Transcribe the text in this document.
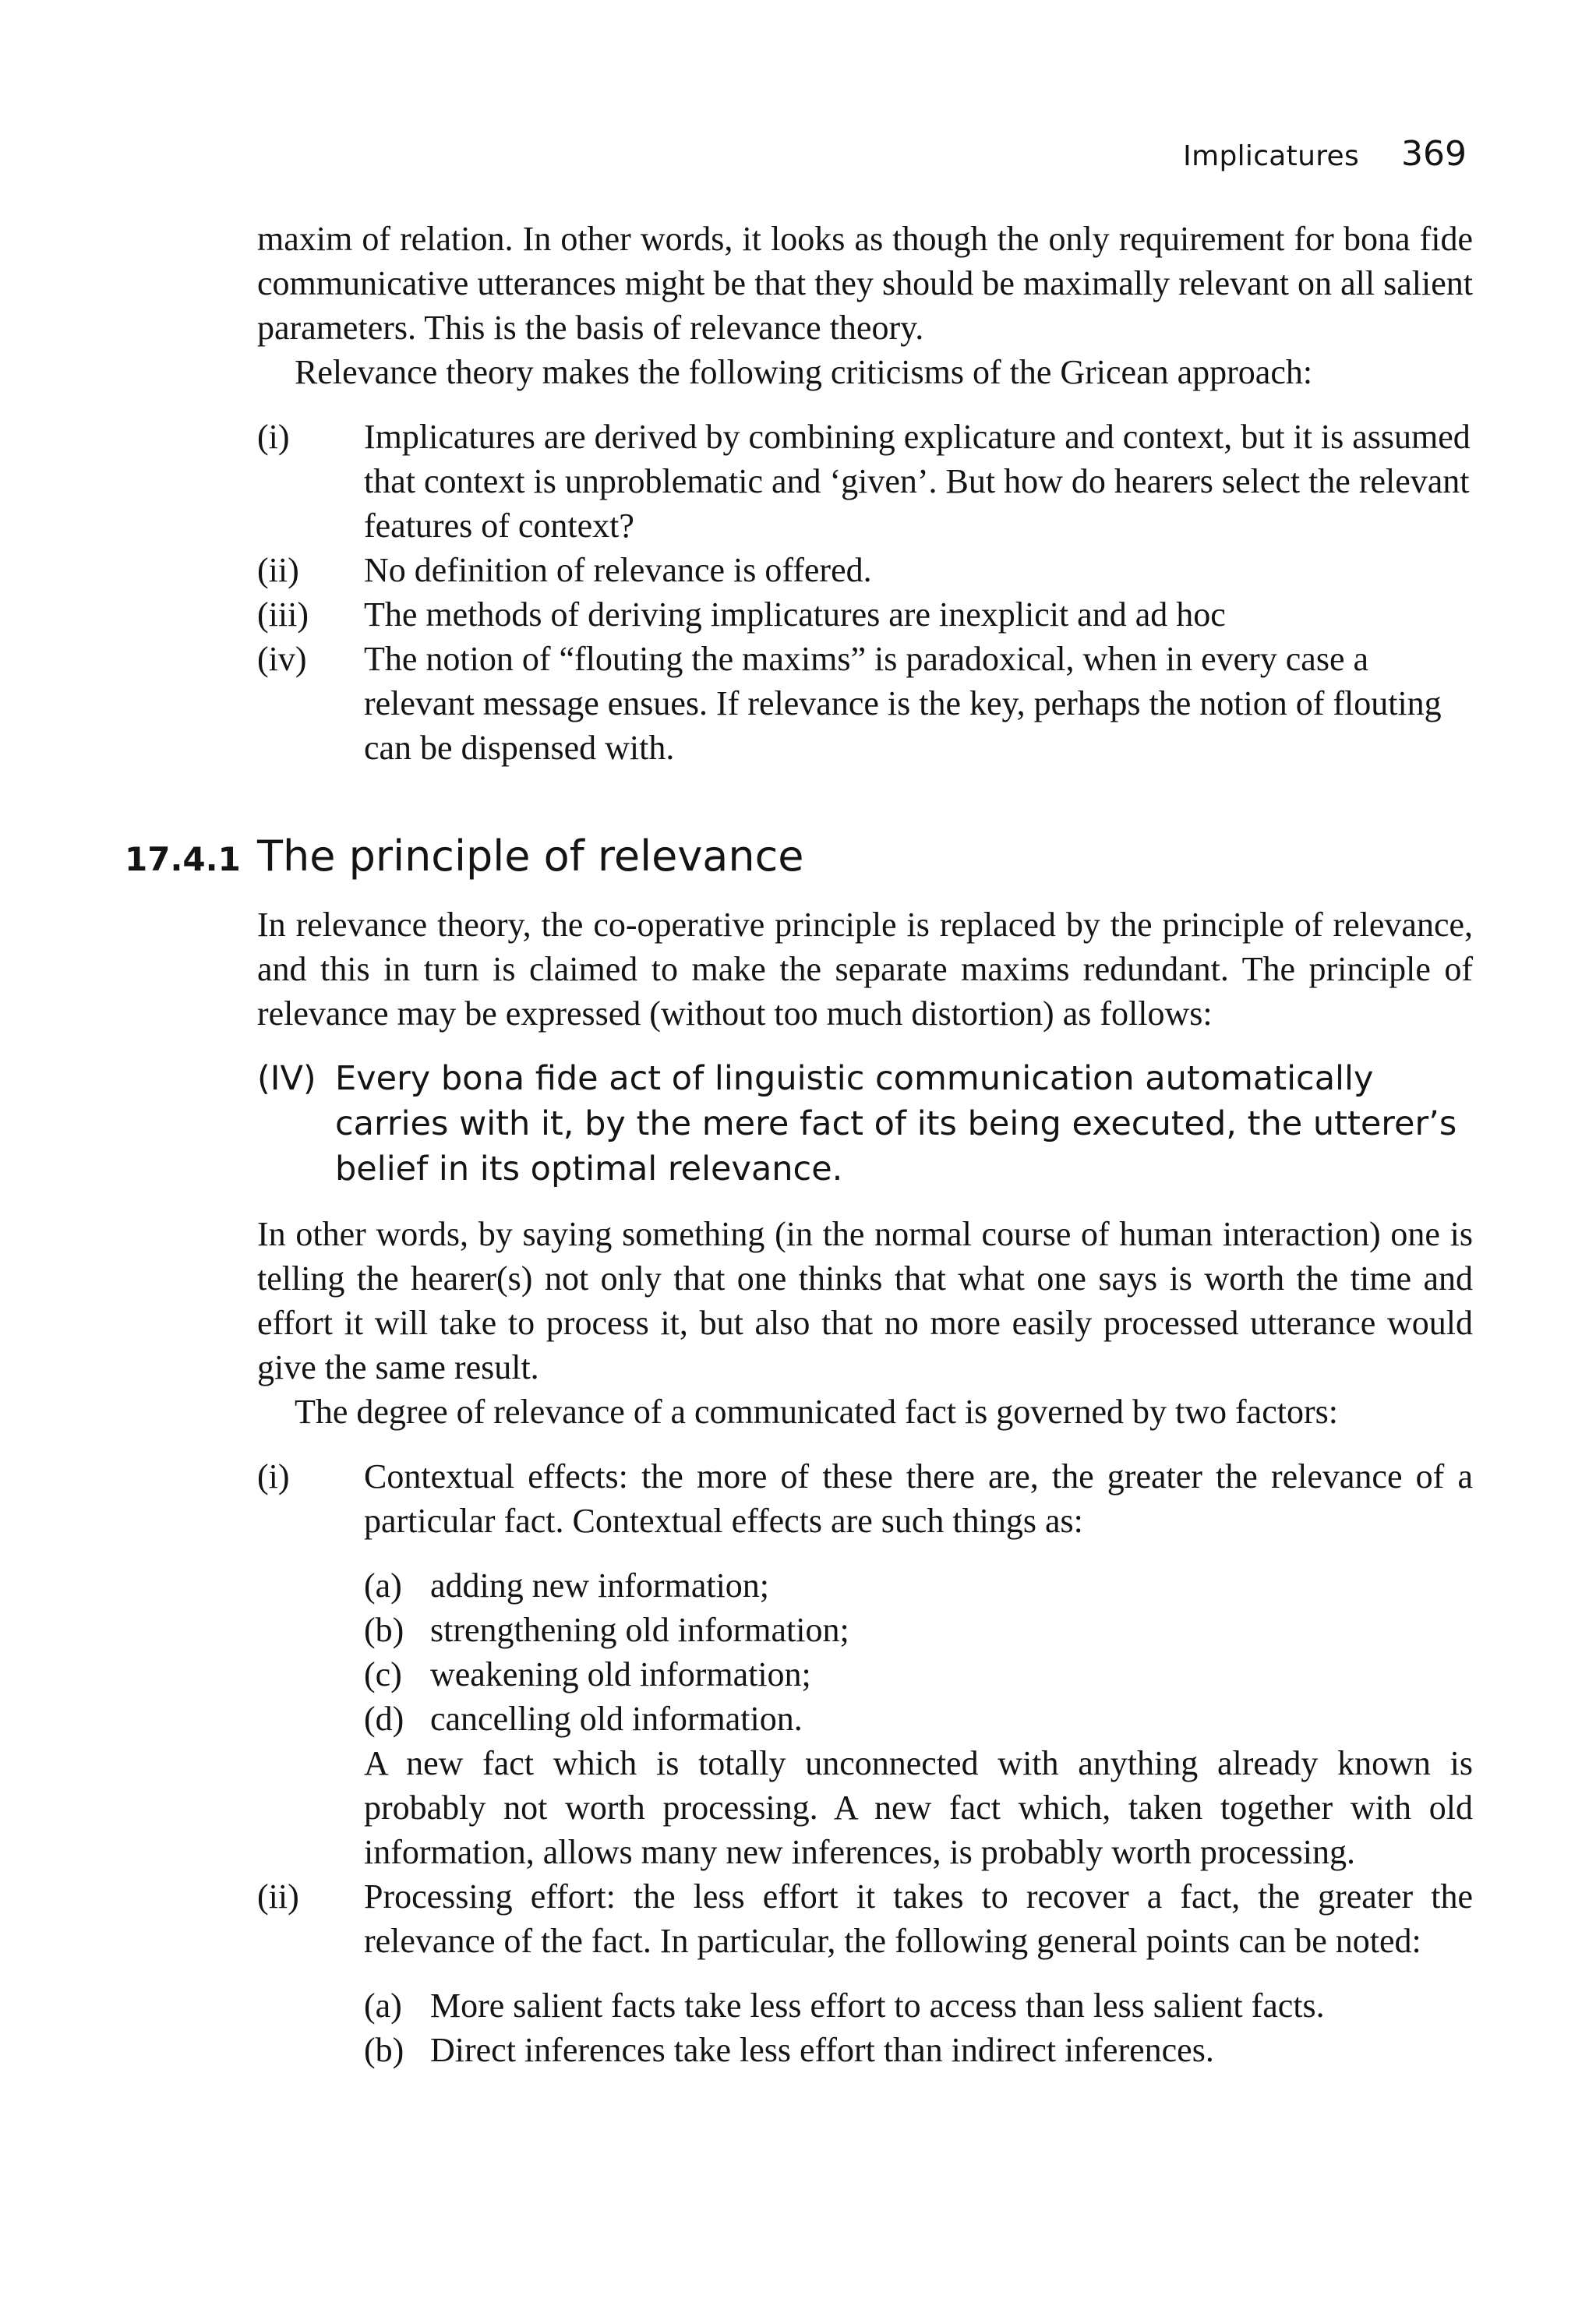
Implicatures 369

maxim of relation. In other words, it looks as though the only requirement for bona fide communicative utterances might be that they should be maximally relevant on all salient parameters. This is the basis of relevance theory.

Relevance theory makes the following criticisms of the Gricean approach:

(i) Implicatures are derived by combining explicature and context, but it is assumed that context is unproblematic and ‘given’. But how do hearers select the relevant features of context?
(ii) No definition of relevance is offered.
(iii) The methods of deriving implicatures are inexplicit and ad hoc
(iv) The notion of “flouting the maxims” is paradoxical, when in every case a relevant message ensues. If relevance is the key, perhaps the notion of flouting can be dispensed with.
17.4.1 The principle of relevance

In relevance theory, the co-operative principle is replaced by the principle of relevance, and this in turn is claimed to make the separate maxims redundant. The principle of relevance may be expressed (without too much distortion) as follows:

(IV) Every bona fide act of linguistic communication automatically carries with it, by the mere fact of its being executed, the utterer’s belief in its optimal relevance.

In other words, by saying something (in the normal course of human interaction) one is telling the hearer(s) not only that one thinks that what one says is worth the time and effort it will take to process it, but also that no more easily processed utterance would give the same result.

The degree of relevance of a communicated fact is governed by two factors:

(i) Contextual effects: the more of these there are, the greater the relevance of a particular fact. Contextual effects are such things as:
(a) adding new information;
(b) strengthening old information;
(c) weakening old information;
(d) cancelling old information.
A new fact which is totally unconnected with anything already known is probably not worth processing. A new fact which, taken together with old information, allows many new inferences, is probably worth processing.
(ii) Processing effort: the less effort it takes to recover a fact, the greater the relevance of the fact. In particular, the following general points can be noted:
(a) More salient facts take less effort to access than less salient facts.
(b) Direct inferences take less effort than indirect inferences.
